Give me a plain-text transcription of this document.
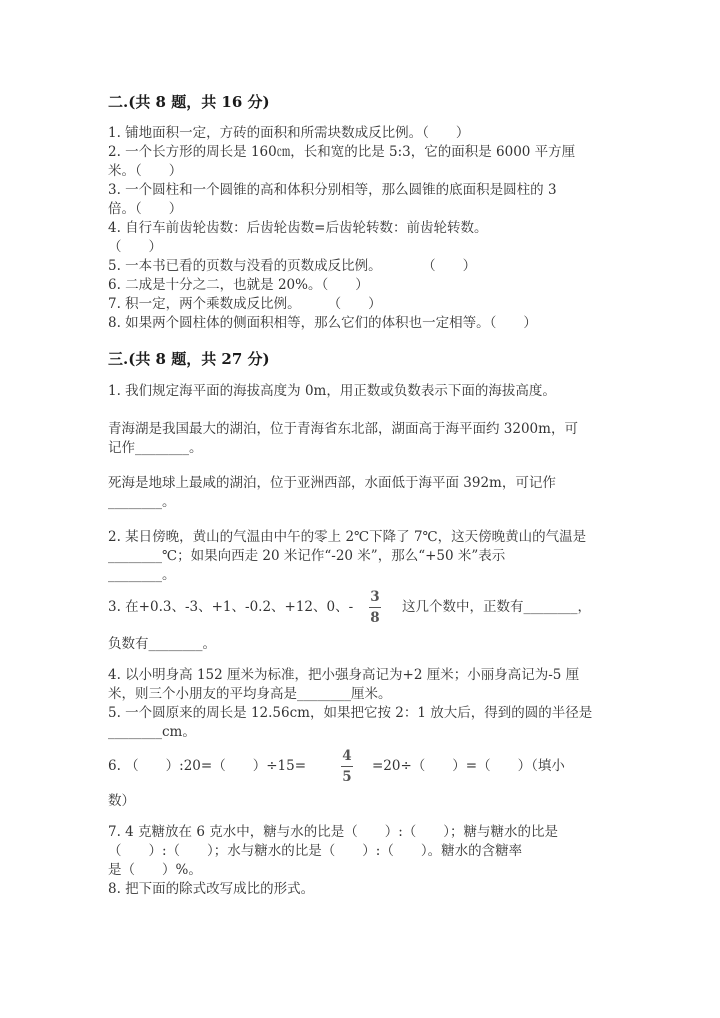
二.(共 8 题，共 16 分)
1. 铺地面积一定，方砖的面积和所需块数成反比例。（　　）
2. 一个长方形的周长是 160㎝，长和宽的比是 5:3，它的面积是 6000 平方厘
米。（　　）
3. 一个圆柱和一个圆锥的高和体积分别相等，那么圆锥的底面积是圆柱的 3
倍。（　　）
4. 自行车前齿轮齿数：后齿轮齿数=后齿轮转数：前齿轮转数。
（　　）
5. 一本书已看的页数与没看的页数成反比例。　　　　（　　）
6. 二成是十分之二，也就是 20%。（　　）
7. 积一定，两个乘数成反比例。　　　（　　）
8. 如果两个圆柱体的侧面积相等，那么它们的体积也一定相等。（　　）
三.(共 8 题，共 27 分)
1. 我们规定海平面的海拔高度为 0m，用正数或负数表示下面的海拔高度。
青海湖是我国最大的湖泊，位于青海省东北部，湖面高于海平面约 3200m，可
记作________。
死海是地球上最咸的湖泊，位于亚洲西部，水面低于海平面 392m，可记作
________。
2. 某日傍晚，黄山的气温由中午的零上 2℃下降了 7℃，这天傍晚黄山的气温是
________℃；如果向西走 20 米记作“-20 米”，那么“+50 米”表示
________。
3. 在+0.3、-3、+1、-0.2、+12、0、-
3
8
这几个数中，正数有________，
负数有________。
4. 以小明身高 152 厘米为标准，把小强身高记为+2 厘米；小丽身高记为-5 厘
米，则三个小朋友的平均身高是________厘米。
5. 一个圆原来的周长是 12.56cm，如果把它按 2：1 放大后，得到的圆的半径是
________cm。
6. （　　）:20=（　　）÷15=
4
5
=20÷（　　）=（　　）（填小
数）
7. 4 克糖放在 6 克水中，糖与水的比是（　　）:（　　）；糖与糖水的比是
（　　）:（　　）；水与糖水的比是（　　）:（　　）。糖水的含糖率
是（　　）%。
8. 把下面的除式改写成比的形式。
